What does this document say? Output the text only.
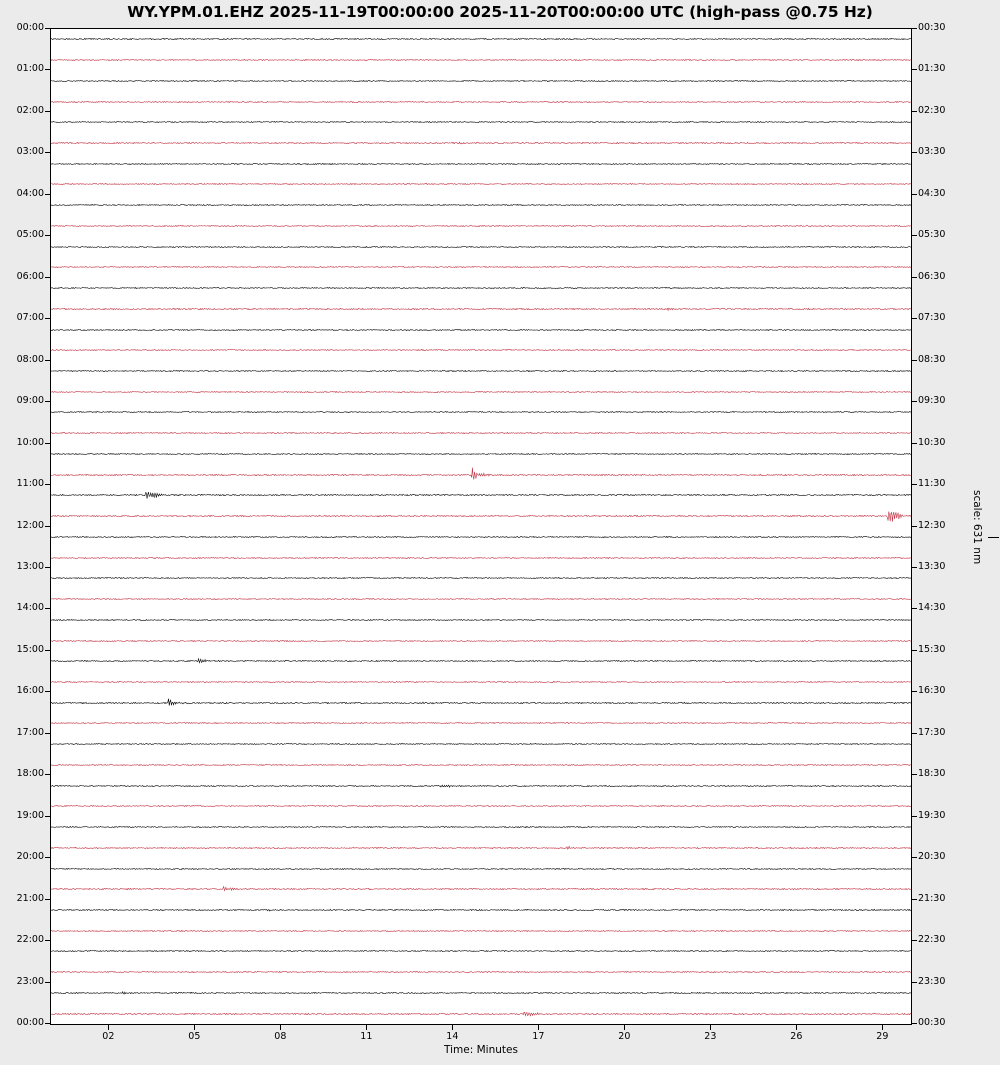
WY.YPM.01.EHZ 2025-11-19T00:00:00 2025-11-20T00:00:00 UTC (high-pass @0.75 Hz)
00:00
01:00
02:00
03:00
04:00
05:00
06:00
07:00
08:00
09:00
10:00
11:00
12:00
13:00
14:00
15:00
16:00
17:00
18:00
19:00
20:00
21:00
22:00
23:00
00:00
00:30
01:30
02:30
03:30
04:30
05:30
06:30
07:30
08:30
09:30
10:30
11:30
12:30
13:30
14:30
15:30
16:30
17:30
18:30
19:30
20:30
21:30
22:30
23:30
00:30
Time: Minutes
02	05	08	11	14	17	20	23	26	29
scale: 631 nm
